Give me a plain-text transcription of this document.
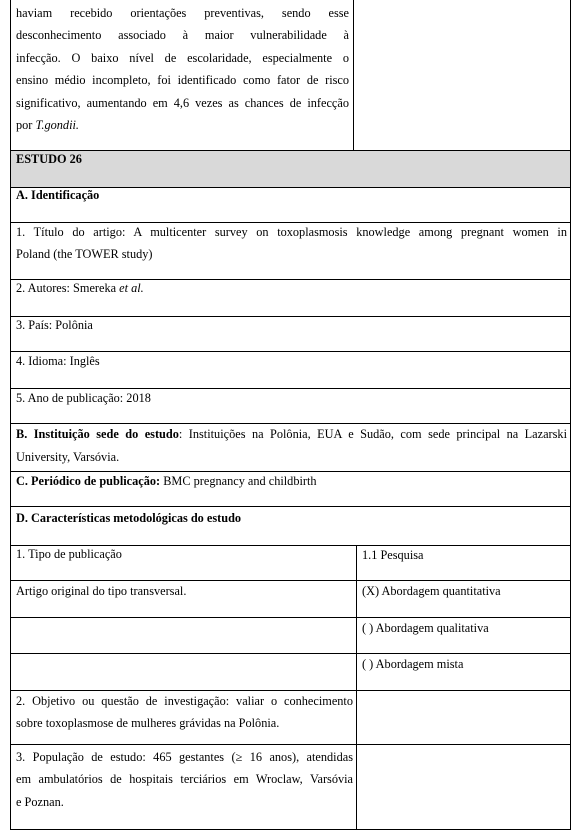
haviam recebido orientações preventivas, sendo esse
desconhecimento associado à maior vulnerabilidade à
infecção. O baixo nível de escolaridade, especialmente o
ensino médio incompleto, foi identificado como fator de risco
significativo, aumentando em 4,6 vezes as chances de infecção
por T.gondii.
ESTUDO 26
A. Identificação
1. Título do artigo: A multicenter survey on toxoplasmosis knowledge among pregnant women in
Poland (the TOWER study)
2. Autores: Smereka et al.
3. País: Polônia
4. Idioma: Inglês
5. Ano de publicação: 2018
B. Instituição sede do estudo: Instituições na Polônia, EUA e Sudão, com sede principal na Lazarski
University, Varsóvia.
C. Periódico de publicação: BMC pregnancy and childbirth
D. Características metodológicas do estudo
1. Tipo de publicação	1.1 Pesquisa
Artigo original do tipo transversal.	(X) Abordagem quantitativa
( ) Abordagem qualitativa
( ) Abordagem mista
2. Objetivo ou questão de investigação: valiar o conhecimento
sobre toxoplasmose de mulheres grávidas na Polônia.
3. População de estudo: 465 gestantes (≥ 16 anos), atendidas
em ambulatórios de hospitais terciários em Wroclaw, Varsóvia
e Poznan.
